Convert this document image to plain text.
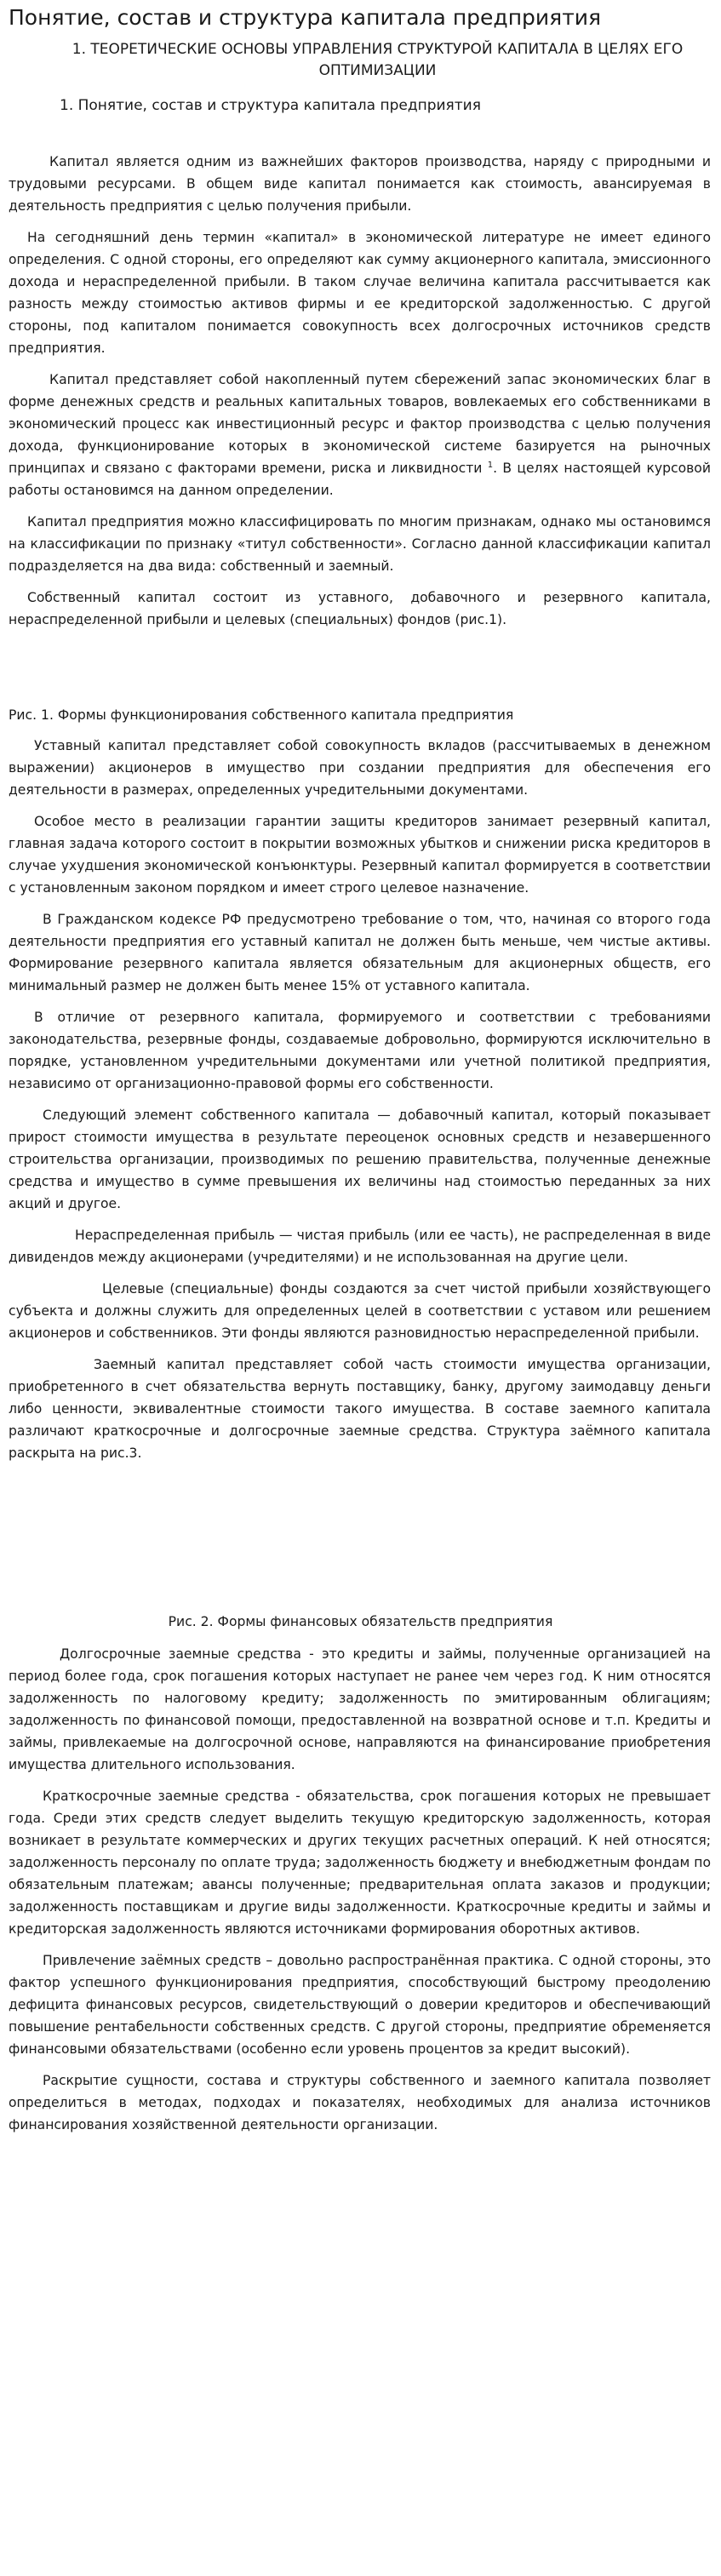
Понятие, состав и структура капитала предприятия
1. ТЕОРЕТИЧЕСКИЕ ОСНОВЫ УПРАВЛЕНИЯ СТРУКТУРОЙ КАПИТАЛА В ЦЕЛЯХ ЕГО ОПТИМИЗАЦИИ
1. Понятие, состав и структура капитала предприятия

Капитал является одним из важнейших факторов производства, наряду с природными и трудовыми ресурсами. В общем виде капитал понимается как стоимость, авансируемая в деятельность предприятия с целью получения прибыли.

На сегодняшний день термин «капитал» в экономической литературе не имеет единого определения. С одной стороны, его определяют как сумму акционерного капитала, эмиссионного дохода и нераспределенной прибыли. В таком случае величина капитала рассчитывается как разность между стоимостью активов фирмы и ее кредиторской задолженностью. С другой стороны, под капиталом понимается совокупность всех долгосрочных источников средств предприятия.

Капитал представляет собой накопленный путем сбережений запас экономических благ в форме денежных средств и реальных капитальных товаров, вовлекаемых его собственниками в экономический процесс как инвестиционный ресурс и фактор производства с целью получения дохода, функционирование которых в экономической системе базируется на рыночных принципах и связано с факторами времени, риска и ликвидности $^1$. В целях настоящей курсовой работы остановимся на данном определении.

Капитал предприятия можно классифицировать по многим признакам, однако мы остановимся на классификации по признаку «титул собственности». Согласно данной классификации капитал подразделяется на два вида: собственный и заемный.

Собственный капитал состоит из уставного, добавочного и резервного капитала, нераспределенной прибыли и целевых (специальных) фондов (рис.1).

Рис. 1. Формы функционирования собственного капитала предприятия

Уставный капитал представляет собой совокупность вкладов (рассчитываемых в денежном выражении) акционеров в имуществo при создании предприятия для обеспечения его деятельности в размерах, определенных учредительными документами.

Особое место в реализации гарантии защиты кредиторов занимает резервный капитал, главная задача которого состоит в покрытии возможных убытков и снижении риска кредиторов в случае ухудшения экономической конъюнктуры. Резервный капитал формируется в соответствии с установленным законом порядком и имеет строго целевое назначение.

В Гражданском кодексе РФ предусмотрено требование о том, что, начиная со второго года деятельности предприятия его уставный капитал не должен быть меньше, чем чистые активы. Формирование резервного капитала является обязательным для акционерных обществ, его минимальный размер не должен быть менее 15% от уставного капитала.

В отличие от резервного капитала, формируемого и соответствии с требованиями законодательства, резервные фонды, создаваемые добровольно, формируются исключительно в порядке, установленном учредительными документами или учетной политикой предприятия, независимо от организационно-правовой формы его собственности.

Следующий элемент собственного капитала — добавочный капитал, который показывает прирост стоимости имущества в результате переоценок основных средств и незавершенного строительства организации, производимых по решению правительства, полученные денежные средства и имущество в сумме превышения их величины над стоимостью переданных за них акций и другое.

Нераспределенная прибыль — чистая прибыль (или ее часть), не распределенная в виде дивидендов между акционерами (учредителями) и не использованная на другие цели.

Целевые (специальные) фонды создаются за счет чистой прибыли хозяйствующего субъекта и должны служить для определенных целей в соответствии с уставом или решением акционеров и собственников. Эти фонды являются разновидностью нераспределенной прибыли.

Заемный капитал представляет собой часть стоимости имущества организации, приобретенного в счет обязательства вернуть поставщику, банку, другому заимодавцу деньги либо ценности, эквивалентные стоимости такого имущества. В составе заемного капитала различают краткосрочные и долгосрочные заемные средства. Структура заёмного капитала раскрыта на рис.3.

Рис. 2. Формы финансовых обязательств предприятия

Долгосрочные заемные средства - это кредиты и займы, полученные организацией на период более года, срок погашения которых наступает не ранее чем через год. К ним относятся задолженность по налоговому кредиту; задолженность по эмитированным облигациям; задолженность по финансовой помощи, предоставленной на возвратной основе и т.п. Кредиты и займы, привлекаемые на долгосрочной основе, направляются на финансирование приобретения имущества длительного использования.

Краткосрочные заемные средства - обязательства, срок погашения которых не превышает года. Среди этих средств следует выделить текущую кредиторскую задолженность, которая возникает в результате коммерческих и других текущих расчетных операций. К ней относятся; задолженность персоналу по оплате труда; задолженность бюджету и внебюджетным фондам по обязательным платежам; авансы полученные; предварительная оплата заказов и продукции; задолженность поставщикам и другие виды задолженности. Краткосрочные кредиты и займы и кредиторская задолженность являются источниками формирования оборотных активов.

Привлечение заёмных средств – довольно распространённая практика. С одной стороны, это фактор успешного функционирования предприятия, способствующий быстрому преодолению дефицита финансовых ресурсов, свидетельствующий о доверии кредиторов и обеспечивающий повышение рентабельности собственных средств. С другой стороны, предприятие обременяется финансовыми обязательствами (особенно если уровень процентов за кредит высокий).

Раскрытие сущности, состава и структуры собственного и заемного капитала позволяет определиться в методах, подходах и показателях, необходимых для анализа источников финансирования хозяйственной деятельности организации.
